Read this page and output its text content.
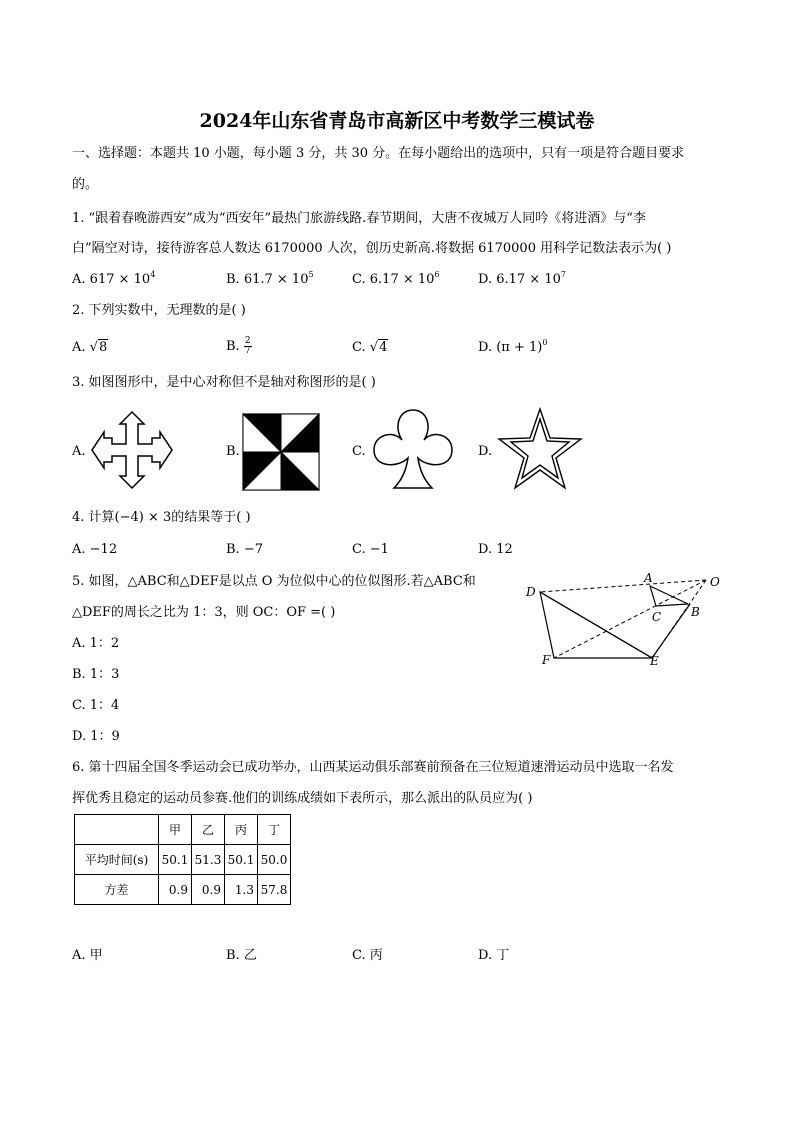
2024年山东省青岛市高新区中考数学三模试卷
一、选择题：本题共 10 小题，每小题 3 分，共 30 分。在每小题给出的选项中，只有一项是符合题目要求
的。
1. “跟着春晚游西安”成为“西安年”最热门旅游线路.春节期间，大唐不夜城万人同吟《将进酒》与“李
白”隔空对诗，接待游客总人数达 6170000 人次，创历史新高.将数据 6170000 用科学记数法表示为( )
A. $617 \times 10^4$	B. $61.7 \times 10^5$	C. $6.17 \times 10^6$	D. $6.17 \times 10^7$
2. 下列实数中，无理数的是( )
A. √8	B. $\frac{2}{7}$	C. √4	D. $(\pi + 1)^0$
3. 如图图形中，是中心对称但不是轴对称图形的是( )
A.	B.	C.	D.
4. 计算(−4) × 3的结果等于( )
A. −12	B. −7	C. −1	D. 12
5. 如图，△ABC和△DEF是以点 O 为位似中心的位似图形.若△ABC和
△DEF的周长之比为 1：3，则 OC：OF =( )
A. 1：2
B. 1：3
C. 1：4
D. 1：9
A
B
C
D
E
F
O
6. 第十四届全国冬季运动会已成功举办，山西某运动俱乐部赛前预备在三位短道速滑运动员中选取一名发
挥优秀且稳定的运动员参赛.他们的训练成绩如下表所示，那么派出的队员应为( )
	甲	乙	丙	丁
平均时间(s)	50.1	51.3	50.1	50.0
方差	0.9	0.9	1.3	57.8
A. 甲	B. 乙	C. 丙	D. 丁
